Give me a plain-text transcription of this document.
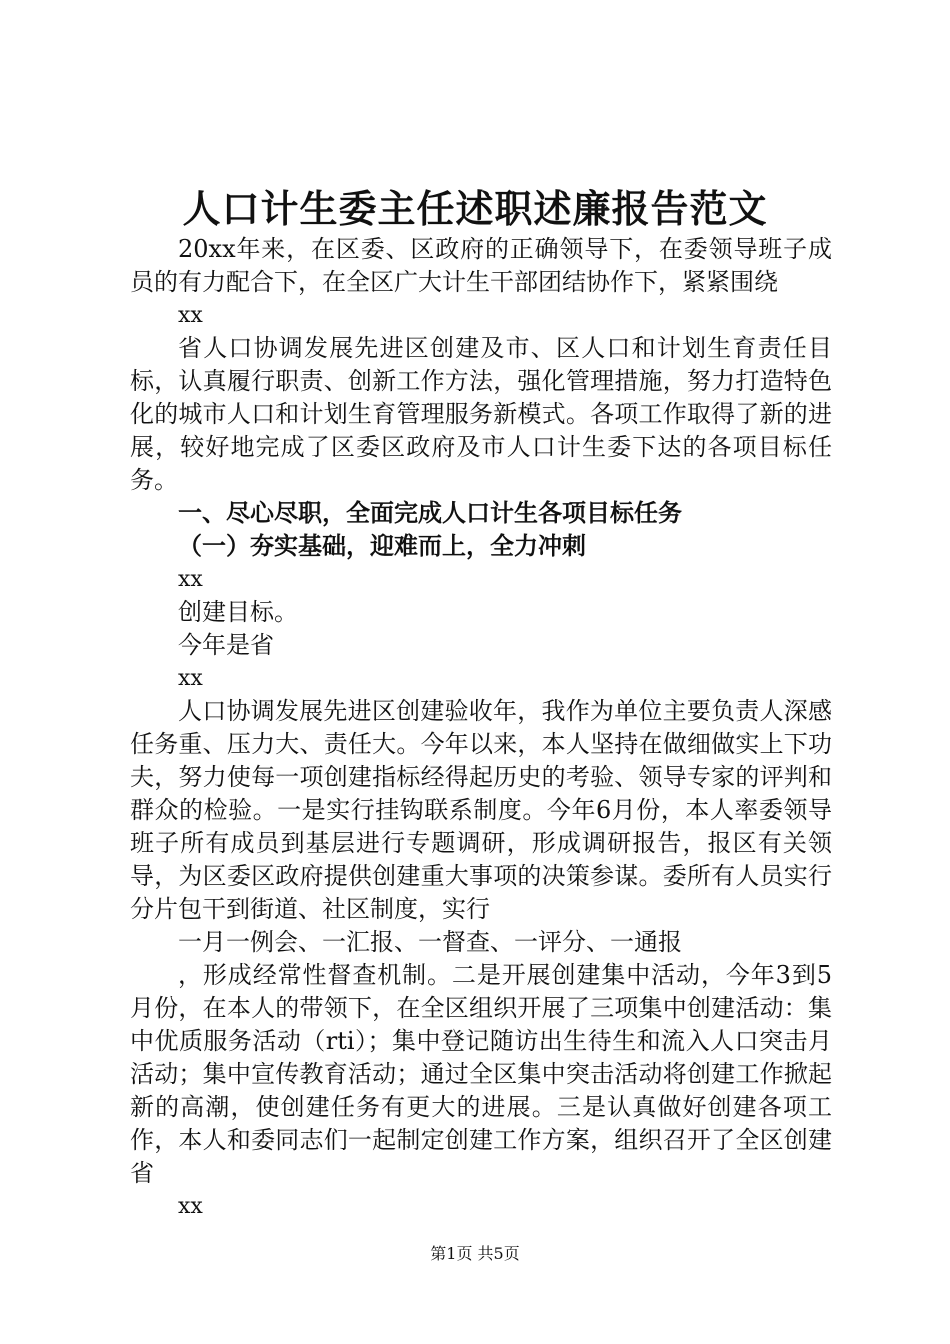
人口计生委主任述职述廉报告范文

20xx年来，在区委、区政府的正确领导下，在委领导班子成员的有力配合下，在全区广大计生干部团结协作下，紧紧围绕

xx

省人口协调发展先进区创建及市、区人口和计划生育责任目标，认真履行职责、创新工作方法，强化管理措施，努力打造特色化的城市人口和计划生育管理服务新模式。各项工作取得了新的进展，较好地完成了区委区政府及市人口计生委下达的各项目标任务。

一、尽心尽职，全面完成人口计生各项目标任务

（一）夯实基础，迎难而上，全力冲刺

xx

创建目标。

今年是省

xx

人口协调发展先进区创建验收年，我作为单位主要负责人深感任务重、压力大、责任大。今年以来，本人坚持在做细做实上下功夫，努力使每一项创建指标经得起历史的考验、领导专家的评判和群众的检验。一是实行挂钩联系制度。今年6月份，本人率委领导班子所有成员到基层进行专题调研，形成调研报告，报区有关领导，为区委区政府提供创建重大事项的决策参谋。委所有人员实行分片包干到街道、社区制度，实行

一月一例会、一汇报、一督查、一评分、一通报

，形成经常性督查机制。二是开展创建集中活动，今年3到5月份，在本人的带领下，在全区组织开展了三项集中创建活动：集中优质服务活动（rti）；集中登记随访出生待生和流入人口突击月活动；集中宣传教育活动；通过全区集中突击活动将创建工作掀起新的高潮，使创建任务有更大的进展。三是认真做好创建各项工作，本人和委同志们一起制定创建工作方案，组织召开了全区创建省

xx

第1页 共5页
